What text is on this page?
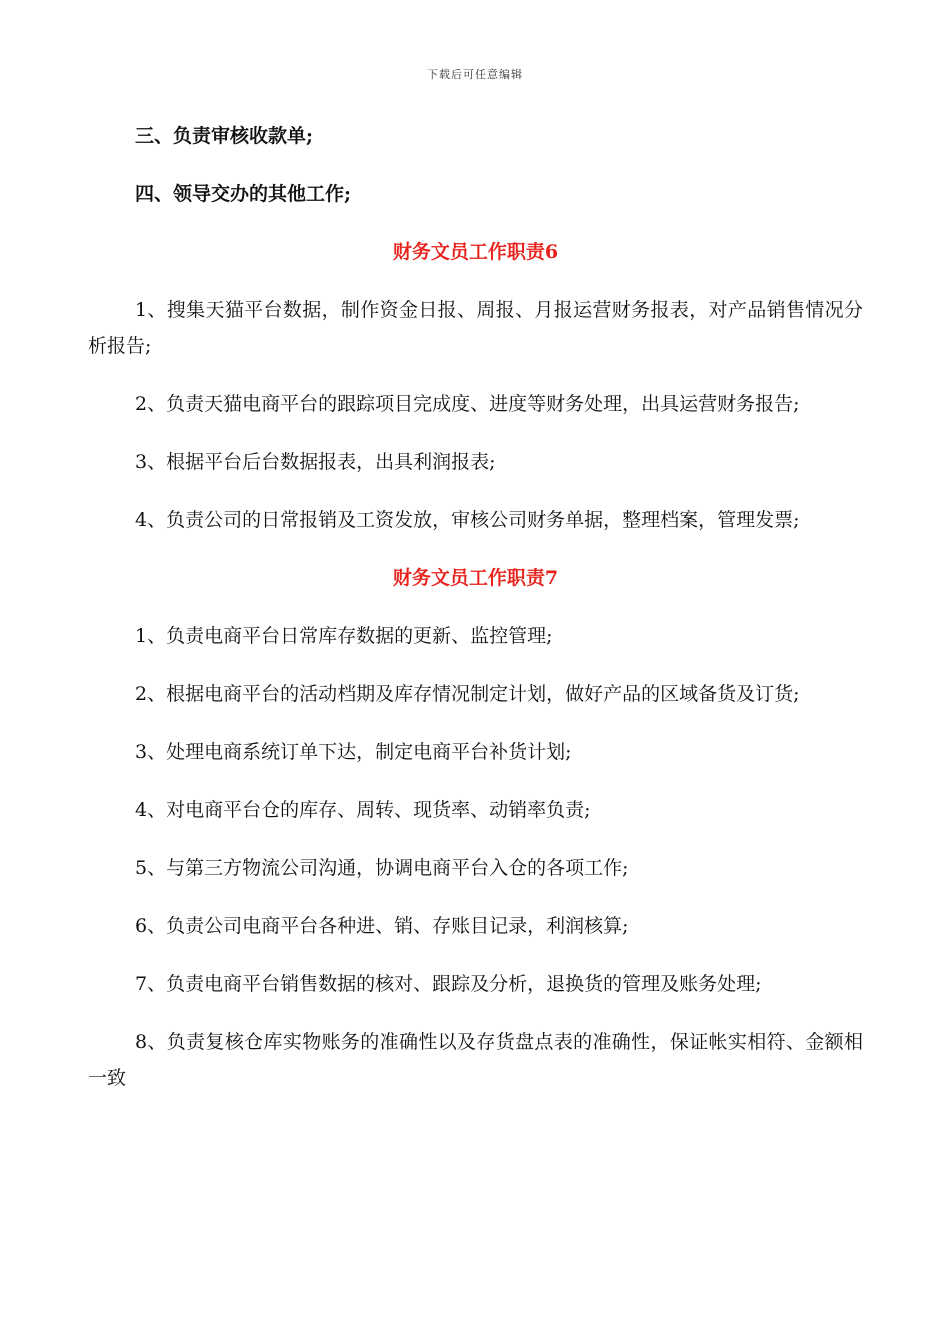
下载后可任意编辑

三、负责审核收款单;

四、领导交办的其他工作;

财务文员工作职责6

1、搜集天猫平台数据，制作资金日报、周报、月报运营财务报表，对产品销售情况分析报告;

2、负责天猫电商平台的跟踪项目完成度、进度等财务处理，出具运营财务报告;

3、根据平台后台数据报表，出具利润报表;

4、负责公司的日常报销及工资发放，审核公司财务单据，整理档案，管理发票;

财务文员工作职责7

1、负责电商平台日常库存数据的更新、监控管理;

2、根据电商平台的活动档期及库存情况制定计划，做好产品的区域备货及订货;

3、处理电商系统订单下达，制定电商平台补货计划;

4、对电商平台仓的库存、周转、现货率、动销率负责;

5、与第三方物流公司沟通，协调电商平台入仓的各项工作;

6、负责公司电商平台各种进、销、存账目记录，利润核算;

7、负责电商平台销售数据的核对、跟踪及分析，退换货的管理及账务处理;

8、负责复核仓库实物账务的准确性以及存货盘点表的准确性，保证帐实相符、金额相一致
